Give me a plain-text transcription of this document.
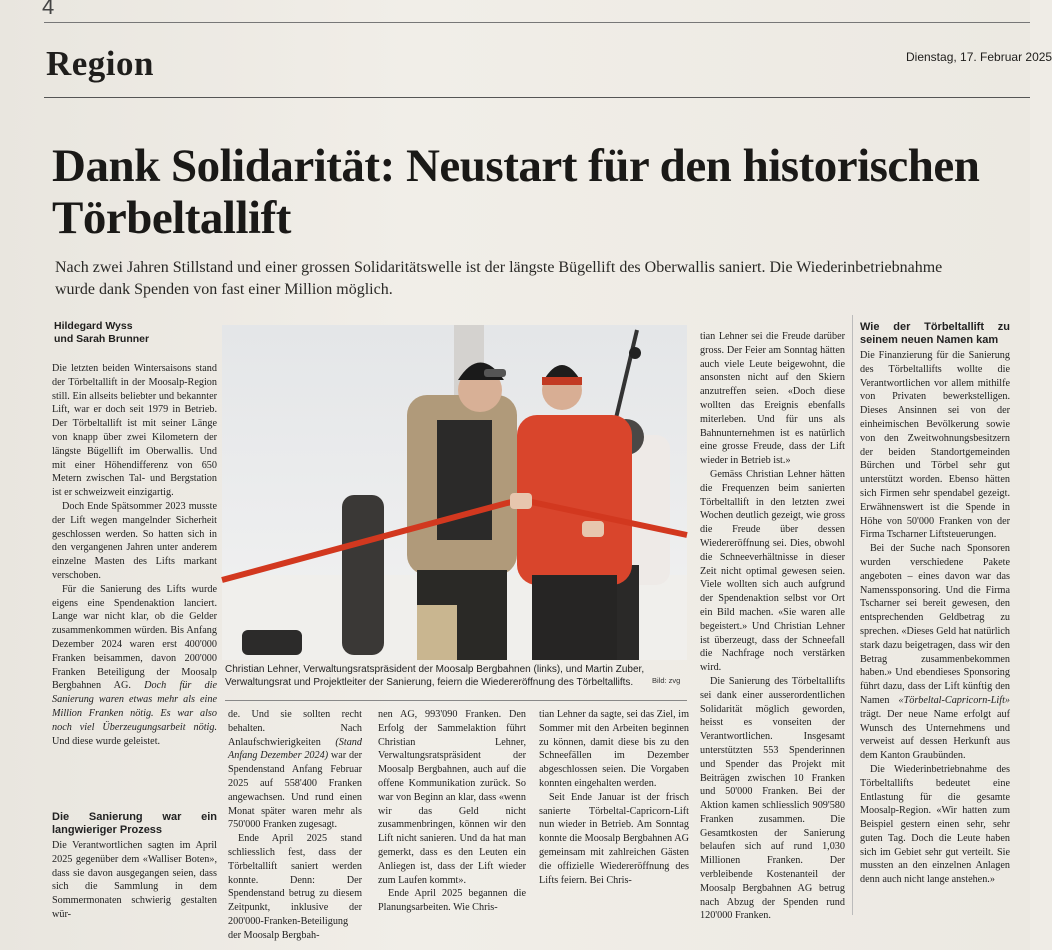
4
Region	Dienstag, 17. Februar 2025
Dank Solidarität: Neustart für den historischen Törbeltallift

Nach zwei Jahren Stillstand und einer grossen Solidaritätswelle ist der längste Bügellift des Oberwallis saniert. Die Wiederinbetriebnahme wurde dank Spenden von fast einer Million möglich.

Hildegard Wyss
und Sarah Brunner

Die letzten beiden Wintersaisons stand der Törbeltallift in der Moosalp-Region still. Ein allseits beliebter und bekannter Lift, war er doch seit 1979 in Betrieb. Der Törbeltallift ist mit seiner Länge von knapp über zwei Kilometern der längste Bügellift im Oberwallis. Und mit einer Höhendifferenz von 650 Metern zwischen Tal- und Bergstation ist er schweizweit einzigartig.

Doch Ende Spätsommer 2023 musste der Lift wegen mangelnder Sicherheit geschlossen werden. So hatten sich in den vergangenen Jahren unter anderem einzelne Masten des Lifts markant verschoben.

Für die Sanierung des Lifts wurde eigens eine Spendenaktion lanciert. Lange war nicht klar, ob die Gelder zusammenkommen würden. Bis Anfang Dezember 2024 waren erst 400'000 Franken beisammen, davon 200'000 Franken Beteiligung der Moosalp Bergbahnen AG. Doch für die Sanierung waren etwas mehr als eine Million Franken nötig. Es war also noch viel Überzeugungsarbeit nötig. Und diese wurde geleistet.

Die Sanierung war ein langwieriger Prozess

Die Verantwortlichen sagten im April 2025 gegenüber dem «Walliser Boten», dass sie davon ausgegangen seien, dass sich die Sammlung in dem Sommermonaten schwierig gestalten wür-

Christian Lehner, Verwaltungsratspräsident der Moosalp Bergbahnen (links), und Martin Zuber, Verwaltungsrat und Projektleiter der Sanierung, feiern die Wiedereröffnung des Törbeltallifts.	Bild: zvg

de. Und sie sollten recht behalten. Nach Anlaufschwierigkeiten (Stand Anfang Dezember 2024) war der Spendenstand Anfang Februar 2025 auf 558'400 Franken angewachsen. Und rund einen Monat später waren mehr als 750'000 Franken zugesagt.

Ende April 2025 stand schliesslich fest, dass der Törbeltallift saniert werden konnte. Denn: Der Spendenstand betrug zu diesem Zeitpunkt, inklusive der 200'000-Franken-Beteiligung der Moosalp Bergbah-

nen AG, 993'090 Franken. Den Erfolg der Sammelaktion führt Christian Lehner, Verwaltungsratspräsident der Moosalp Bergbahnen, auch auf die offene Kommunikation zurück. So war von Beginn an klar, dass «wenn wir das Geld nicht zusammenbringen, können wir den Lift nicht sanieren. Und da hat man gemerkt, dass es den Leuten ein Anliegen ist, dass der Lift wieder zum Laufen kommt».

Ende April 2025 begannen die Planungsarbeiten. Wie Chris-

tian Lehner da sagte, sei das Ziel, im Sommer mit den Arbeiten beginnen zu können, damit diese bis zu den Schneefällen im Dezember abgeschlossen seien. Die Vorgaben konnten eingehalten werden.

Seit Ende Januar ist der frisch sanierte Törbeltal-Capricorn-Lift nun wieder in Betrieb. Am Sonntag konnte die Moosalp Bergbahnen AG gemeinsam mit zahlreichen Gästen die offizielle Wiedereröffnung des Lifts feiern. Bei Chris-

tian Lehner sei die Freude darüber gross. Der Feier am Sonntag hätten auch viele Leute beigewohnt, die ansonsten nicht auf den Skiern anzutreffen seien. «Doch diese wollten das Ereignis ebenfalls miterleben. Und für uns als Bahnunternehmen ist es natürlich eine grosse Freude, dass der Lift wieder in Betrieb ist.»

Gemäss Christian Lehner hätten die Frequenzen beim sanierten Törbeltallift in den letzten zwei Wochen deutlich gezeigt, wie gross die Freude über dessen Wiedereröffnung sei. Dies, obwohl die Schneeverhältnisse in dieser Zeit nicht optimal gewesen seien. Viele wollten sich auch aufgrund der Spendenaktion selbst vor Ort ein Bild machen. «Sie waren alle begeistert.» Und Christian Lehner ist überzeugt, dass der Schneefall die Nachfrage noch verstärken wird.

Die Sanierung des Törbeltallifts sei dank einer ausserordentlichen Solidarität möglich geworden, heisst es vonseiten der Verantwortlichen. Insgesamt unterstützten 553 Spenderinnen und Spender das Projekt mit Beiträgen zwischen 10 Franken und 50'000 Franken. Bei der Aktion kamen schliesslich 909'580 Franken zusammen. Die Gesamtkosten der Sanierung belaufen sich auf rund 1,030 Millionen Franken. Der verbleibende Kostenanteil der Moosalp Bergbahnen AG betrug nach Abzug der Spenden rund 120'000 Franken.

Wie der Törbeltallift zu seinem neuen Namen kam

Die Finanzierung für die Sanierung des Törbeltallifts wollte die Verantwortlichen vor allem mithilfe von Privaten bewerkstelligen. Dieses Ansinnen sei von der einheimischen Bevölkerung sowie von den Zweitwohnungsbesitzern der beiden Standortgemeinden Bürchen und Törbel sehr gut unterstützt worden. Ebenso hätten sich Firmen sehr spendabel gezeigt. Erwähnenswert ist die Spende in Höhe von 50'000 Franken von der Firma Tscharner Liftsteuerungen.

Bei der Suche nach Sponsoren wurden verschiedene Pakete angeboten – eines davon war das Namenssponsoring. Und die Firma Tscharner sei bereit gewesen, den entsprechenden Geldbetrag zu sprechen. «Dieses Geld hat natürlich stark dazu beigetragen, dass wir den Betrag zusammenbekommen haben.» Und ebendieses Sponsoring führt dazu, dass der Lift künftig den Namen «Törbeltal-Capricorn-Lift» trägt. Der neue Name erfolgt auf Wunsch des Unternehmens und verweist auf dessen Herkunft aus dem Kanton Graubünden.

Die Wiederinbetriebnahme des Törbeltallifts bedeutet eine Entlastung für die gesamte Moosalp-Region. «Wir hatten zum Beispiel gestern einen sehr, sehr guten Tag. Doch die Leute haben sich im Gebiet sehr gut verteilt. Sie mussten an den einzelnen Anlagen denn auch nicht lange anstehen.»
